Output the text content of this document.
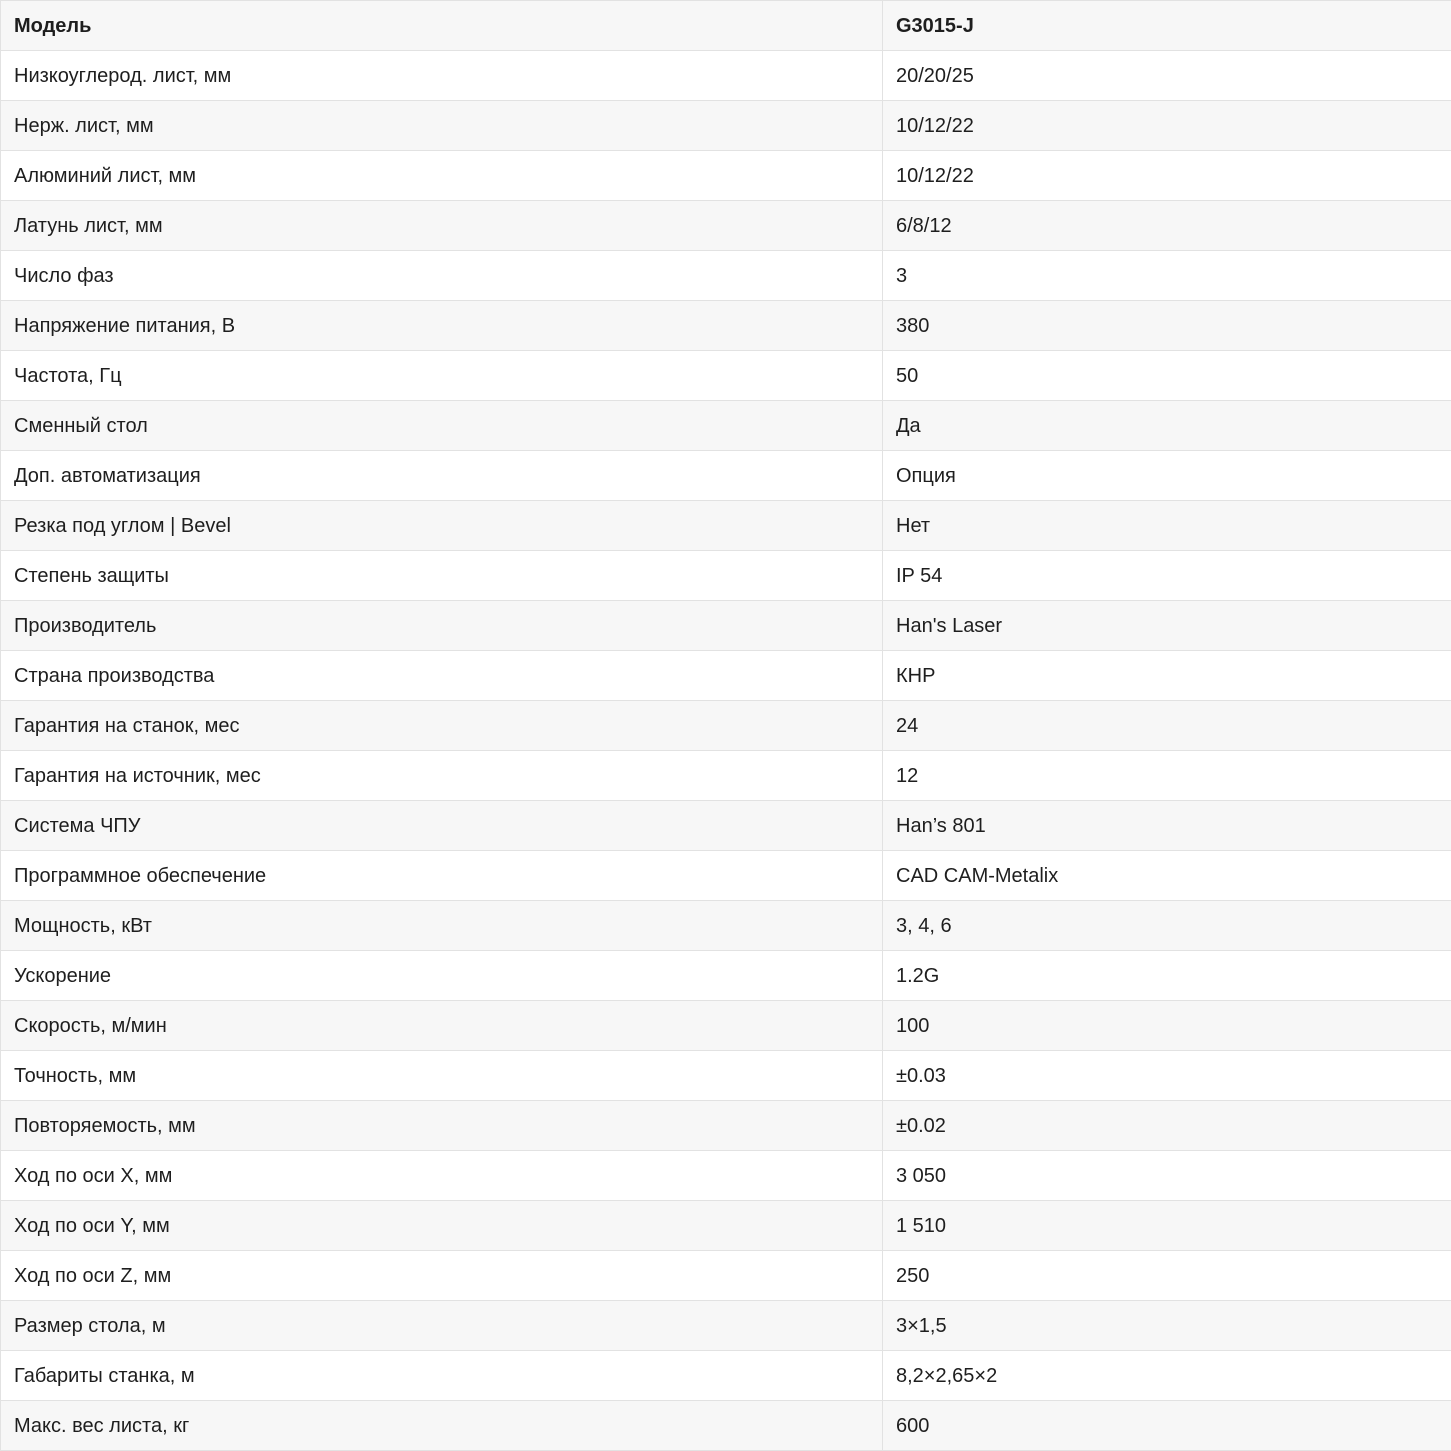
Модель	G3015-J
Низкоуглерод. лист, мм	20/20/25
Нерж. лист, мм	10/12/22
Алюминий лист, мм	10/12/22
Латунь лист, мм	6/8/12
Число фаз	3
Напряжение питания, В	380
Частота, Гц	50
Сменный стол	Да
Доп. автоматизация	Опция
Резка под углом | Bevel	Нет
Степень защиты	IP 54
Производитель	Han's Laser
Страна производства	КНР
Гарантия на станок, мес	24
Гарантия на источник, мес	12
Система ЧПУ	Han’s 801
Программное обеспечение	CAD CAM-Metalix
Мощность, кВт	3, 4, 6
Ускорение	1.2G
Скорость, м/мин	100
Точность, мм	±0.03
Повторяемость, мм	±0.02
Ход по оси X, мм	3 050
Ход по оси Y, мм	1 510
Ход по оси Z, мм	250
Размер стола, м	3×1,5
Габариты станка, м	8,2×2,65×2
Макс. вес листа, кг	600
